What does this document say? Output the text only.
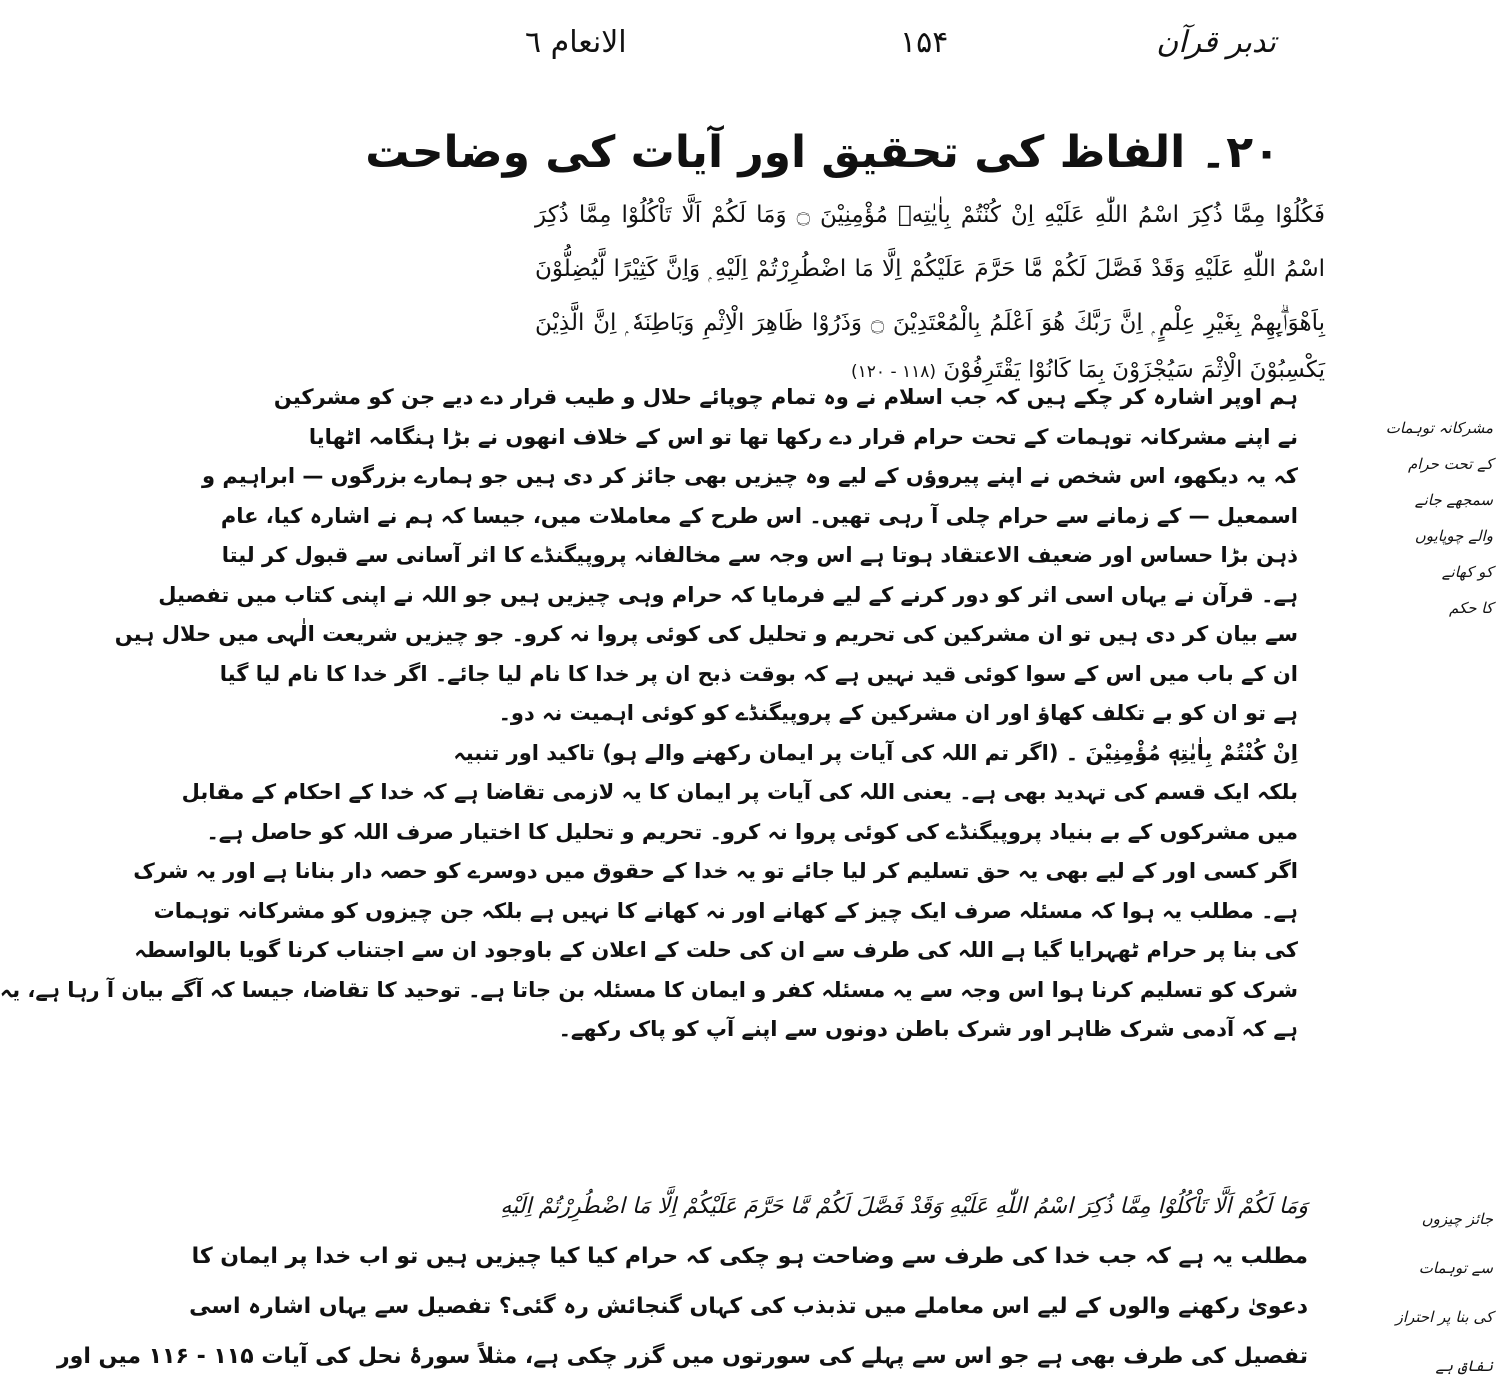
تدبر قرآن
۱۵۴
الانعام ٦
۲۰۔ الفاظ کی تحقیق اور آیات کی وضاحت
فَكُلُوْا مِمَّا ذُكِرَ اسْمُ اللّٰهِ عَلَيْهِ اِنْ كُنْتُمْ بِاٰيٰتِهٖ مُؤْمِنِيْنَ ۝ وَمَا لَكُمْ اَلَّا تَاْكُلُوْا مِمَّا ذُكِرَ
اسْمُ اللّٰهِ عَلَيْهِ وَقَدْ فَصَّلَ لَكُمْ مَّا حَرَّمَ عَلَيْكُمْ اِلَّا مَا اضْطُرِرْتُمْ اِلَيْهِ ۭ وَاِنَّ كَثِيْرًا لَّيُضِلُّوْنَ
بِاَهْوَاۗىِٕهِمْ بِغَيْرِ عِلْمٍ ۭ اِنَّ رَبَّكَ هُوَ اَعْلَمُ بِالْمُعْتَدِيْنَ ۝ وَذَرُوْا ظَاهِرَ الْاِثْمِ وَبَاطِنَهٗ ۭ اِنَّ الَّذِيْنَ
يَكْسِبُوْنَ الْاِثْمَ سَيُجْزَوْنَ بِمَا كَانُوْا يَقْتَرِفُوْنَ (۱۱۸ - ۱۲۰)
مشرکانہ توہمات
کے تحت حرام
سمجھے جانے
والے چوپایوں
کو کھانے
کا حکم
ہم اوپر اشارہ کر چکے ہیں کہ جب اسلام نے وہ تمام چوپائے حلال و طیب قرار دے دیے جن کو مشرکین
نے اپنے مشرکانہ توہمات کے تحت حرام قرار دے رکھا تھا تو اس کے خلاف انھوں نے بڑا ہنگامہ اٹھایا
کہ یہ دیکھو، اس شخص نے اپنے پیروؤں کے لیے وہ چیزیں بھی جائز کر دی ہیں جو ہمارے بزرگوں — ابراہیم و
اسمعیل — کے زمانے سے حرام چلی آ رہی تھیں۔ اس طرح کے معاملات میں، جیسا کہ ہم نے اشارہ کیا، عام
ذہن بڑا حساس اور ضعیف الاعتقاد ہوتا ہے اس وجہ سے مخالفانہ پروپیگنڈے کا اثر آسانی سے قبول کر لیتا
ہے۔ قرآن نے یہاں اسی اثر کو دور کرنے کے لیے فرمایا کہ حرام وہی چیزیں ہیں جو اللہ نے اپنی کتاب میں تفصیل
سے بیان کر دی ہیں تو ان مشرکین کی تحریم و تحلیل کی کوئی پروا نہ کرو۔ جو چیزیں شریعت الٰہی میں حلال ہیں
ان کے باب میں اس کے سوا کوئی قید نہیں ہے کہ بوقت ذبح ان پر خدا کا نام لیا جائے۔ اگر خدا کا نام لیا گیا
ہے تو ان کو بے تکلف کھاؤ اور ان مشرکین کے پروپیگنڈے کو کوئی اہمیت نہ دو۔
اِنْ كُنْتُمْ بِاٰيٰتِهٖ مُؤْمِنِيْنَ ۔ (اگر تم اللہ کی آیات پر ایمان رکھنے والے ہو) تاکید اور تنبیہ
بلکہ ایک قسم کی تہدید بھی ہے۔ یعنی اللہ کی آیات پر ایمان کا یہ لازمی تقاضا ہے کہ خدا کے احکام کے مقابل
میں مشرکوں کے بے بنیاد پروپیگنڈے کی کوئی پروا نہ کرو۔ تحریم و تحلیل کا اختیار صرف اللہ کو حاصل ہے۔
اگر کسی اور کے لیے بھی یہ حق تسلیم کر لیا جائے تو یہ خدا کے حقوق میں دوسرے کو حصہ دار بنانا ہے اور یہ شرک
ہے۔ مطلب یہ ہوا کہ مسئلہ صرف ایک چیز کے کھانے اور نہ کھانے کا نہیں ہے بلکہ جن چیزوں کو مشرکانہ توہمات
کی بنا پر حرام ٹھہرایا گیا ہے اللہ کی طرف سے ان کی حلت کے اعلان کے باوجود ان سے اجتناب کرنا گویا بالواسطہ
شرک کو تسلیم کرنا ہوا اس وجہ سے یہ مسئلہ کفر و ایمان کا مسئلہ بن جاتا ہے۔ توحید کا تقاضا، جیسا کہ آگے بیان آ رہا ہے، یہ
ہے کہ آدمی شرک ظاہر اور شرک باطن دونوں سے اپنے آپ کو پاک رکھے۔
جائز چیزوں
سے توہمات
کی بنا پر احتراز
نفاق ہے
وَمَا لَكُمْ اَلَّا تَاْكُلُوْا مِمَّا ذُكِرَ اسْمُ اللّٰهِ عَلَيْهِ وَقَدْ فَصَّلَ لَكُمْ مَّا حَرَّمَ عَلَيْكُمْ اِلَّا مَا اضْطُرِرْتُمْ اِلَيْهِ
مطلب یہ ہے کہ جب خدا کی طرف سے وضاحت ہو چکی کہ حرام کیا کیا چیزیں ہیں تو اب خدا پر ایمان کا
دعویٰ رکھنے والوں کے لیے اس معاملے میں تذبذب کی کہاں گنجائش رہ گئی؟ تفصیل سے یہاں اشارہ اسی
تفصیل کی طرف بھی ہے جو اس سے پہلے کی سورتوں میں گزر چکی ہے، مثلاً سورۂ نحل کی آیات ۱۱۵ - ۱۱۶ میں اور
